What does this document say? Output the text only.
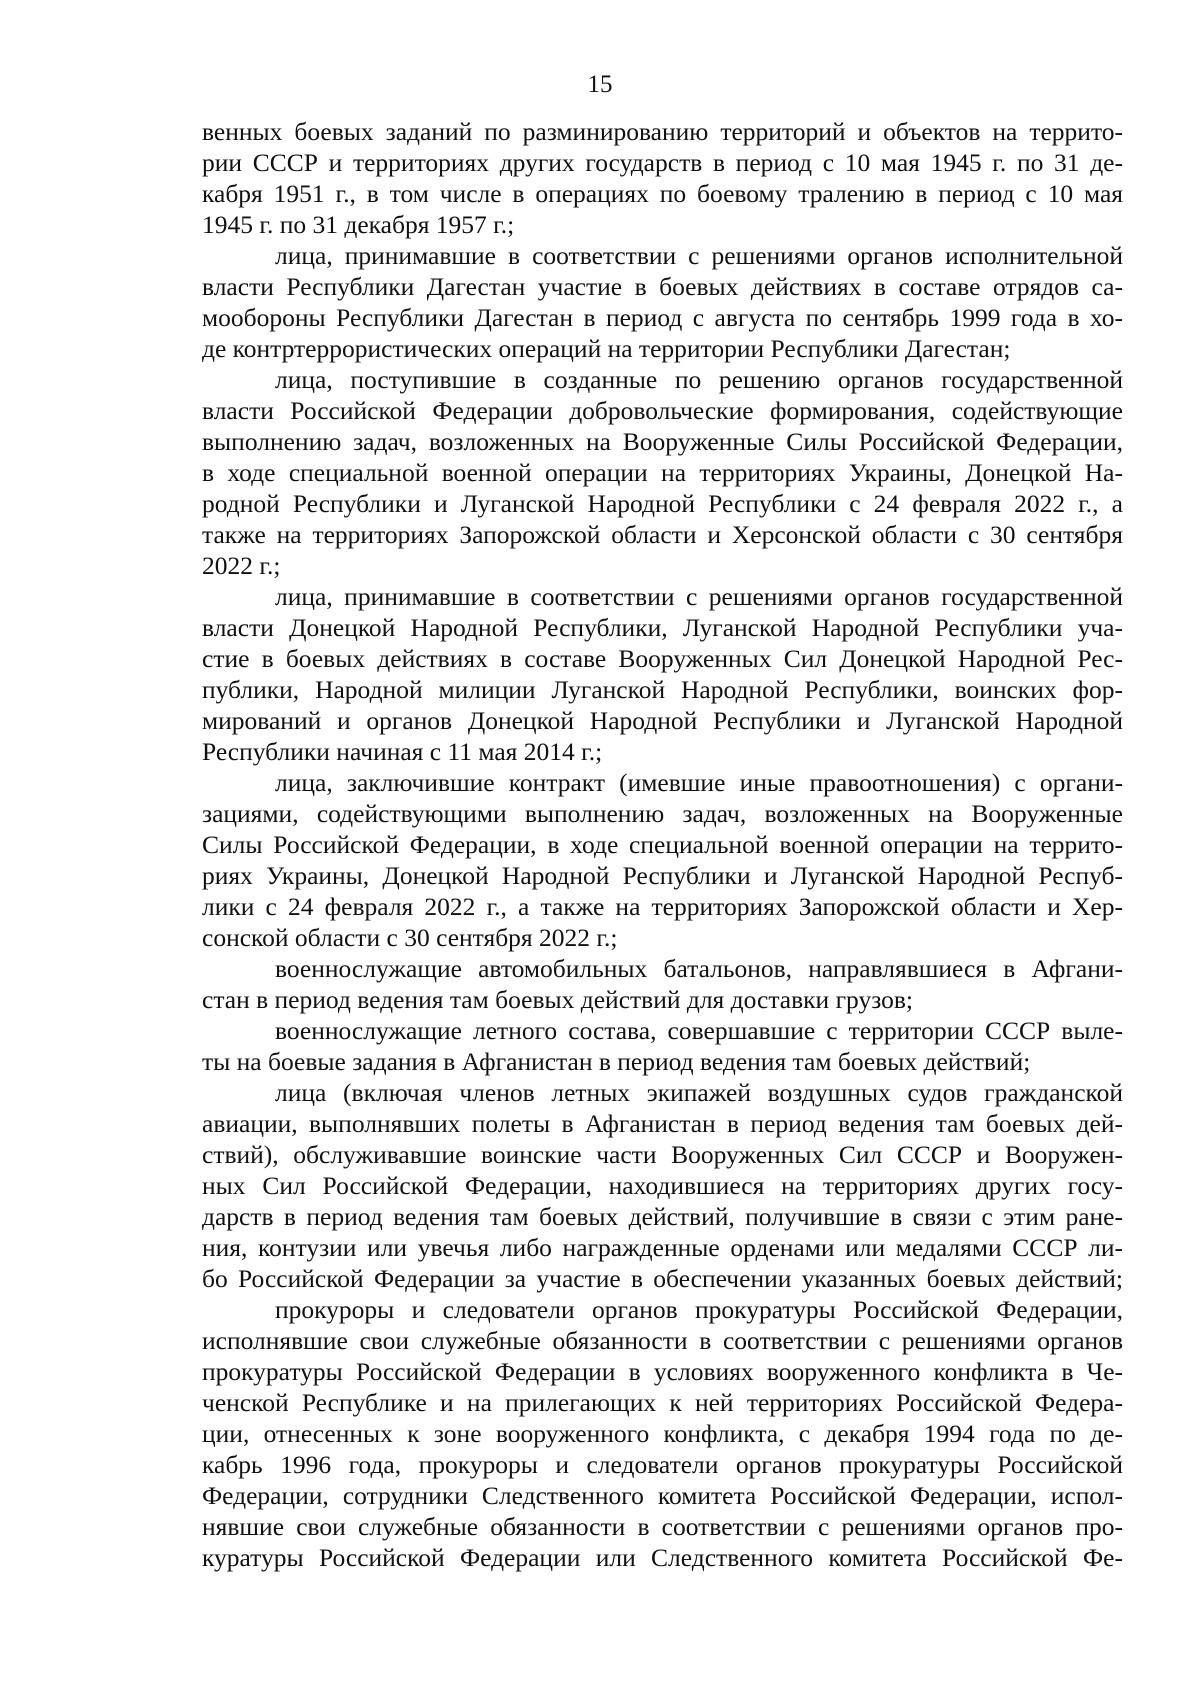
15
венных боевых заданий по разминированию территорий и объектов на террито-
рии СССР и территориях других государств в период с 10 мая 1945 г. по 31 де-
кабря 1951 г., в том числе в операциях по боевому тралению в период с 10 мая
1945 г. по 31 декабря 1957 г.;
лица, принимавшие в соответствии с решениями органов исполнительной
власти Республики Дагестан участие в боевых действиях в составе отрядов са-
мообороны Республики Дагестан в период с августа по сентябрь 1999 года в хо-
де контртеррористических операций на территории Республики Дагестан;
лица, поступившие в созданные по решению органов государственной
власти Российской Федерации добровольческие формирования, содействующие
выполнению задач, возложенных на Вооруженные Силы Российской Федерации,
в ходе специальной военной операции на территориях Украины, Донецкой На-
родной Республики и Луганской Народной Республики с 24 февраля 2022 г., а
также на территориях Запорожской области и Херсонской области с 30 сентября
2022 г.;
лица, принимавшие в соответствии с решениями органов государственной
власти Донецкой Народной Республики, Луганской Народной Республики уча-
стие в боевых действиях в составе Вооруженных Сил Донецкой Народной Рес-
публики, Народной милиции Луганской Народной Республики, воинских фор-
мирований и органов Донецкой Народной Республики и Луганской Народной
Республики начиная с 11 мая 2014 г.;
лица, заключившие контракт (имевшие иные правоотношения) с органи-
зациями, содействующими выполнению задач, возложенных на Вооруженные
Силы Российской Федерации, в ходе специальной военной операции на террито-
риях Украины, Донецкой Народной Республики и Луганской Народной Респуб-
лики с 24 февраля 2022 г., а также на территориях Запорожской области и Хер-
сонской области с 30 сентября 2022 г.;
военнослужащие автомобильных батальонов, направлявшиеся в Афгани-
стан в период ведения там боевых действий для доставки грузов;
военнослужащие летного состава, совершавшие с территории СССР выле-
ты на боевые задания в Афганистан в период ведения там боевых действий;
лица (включая членов летных экипажей воздушных судов гражданской
авиации, выполнявших полеты в Афганистан в период ведения там боевых дей-
ствий), обслуживавшие воинские части Вооруженных Сил СССР и Вооружен-
ных Сил Российской Федерации, находившиеся на территориях других госу-
дарств в период ведения там боевых действий, получившие в связи с этим ране-
ния, контузии или увечья либо награжденные орденами или медалями СССР ли-
бо Российской Федерации за участие в обеспечении указанных боевых действий;
прокуроры и следователи органов прокуратуры Российской Федерации,
исполнявшие свои служебные обязанности в соответствии с решениями органов
прокуратуры Российской Федерации в условиях вооруженного конфликта в Че-
ченской Республике и на прилегающих к ней территориях Российской Федера-
ции, отнесенных к зоне вооруженного конфликта, с декабря 1994 года по де-
кабрь 1996 года, прокуроры и следователи органов прокуратуры Российской
Федерации, сотрудники Следственного комитета Российской Федерации, испол-
нявшие свои служебные обязанности в соответствии с решениями органов про-
куратуры Российской Федерации или Следственного комитета Российской Фе-
